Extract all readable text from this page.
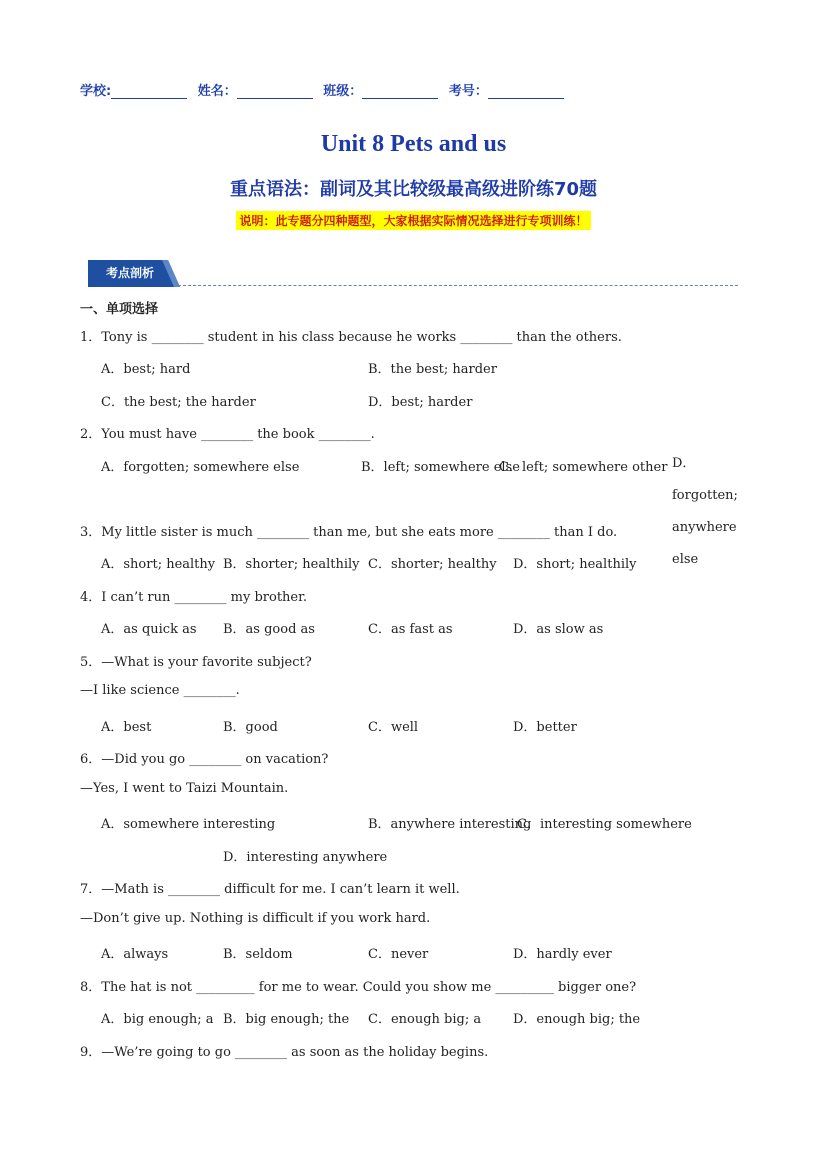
学校:	姓名：	班级：	考号：
Unit 8 Pets and us
重点语法：副词及其比较级最高级进阶练70题
说明：此专题分四种题型，大家根据实际情况选择进行专项训练！
考点剖析
一、单项选择
1．Tony is ________ student in his class because he works ________ than the others.
A．best; hard	B．the best; harder
C．the best; the harder	D．best; harder
2．You must have ________ the book ________.
A．forgotten; somewhere else	B．left; somewhere else
C．left; somewhere other D．forgotten; anywhere else
3．My little sister is much ________ than me, but she eats more ________ than I do.
A．short; healthy B．shorter; healthily C．shorter; healthy D．short; healthily
4．I can’t run ________ my brother.
A．as quick as B．as good as	C．as fast as	D．as slow as
5．—What is your favorite subject?
—I like science ________.
A．best	B．good	C．well	D．better
6．—Did you go ________ on vacation?
—Yes, I went to Taizi Mountain.
A．somewhere interesting	B．anywhere interesting
C．interesting somewhere
D．interesting anywhere
7．—Math is ________ difficult for me. I can’t learn it well.
—Don’t give up. Nothing is difficult if you work hard.
A．always	B．seldom	C．never	D．hardly ever
8．The hat is not _________ for me to wear. Could you show me _________ bigger one?
A．big enough; a B．big enough; the C．enough big; a D．enough big; the
9．—We’re going to go ________ as soon as the holiday begins.
